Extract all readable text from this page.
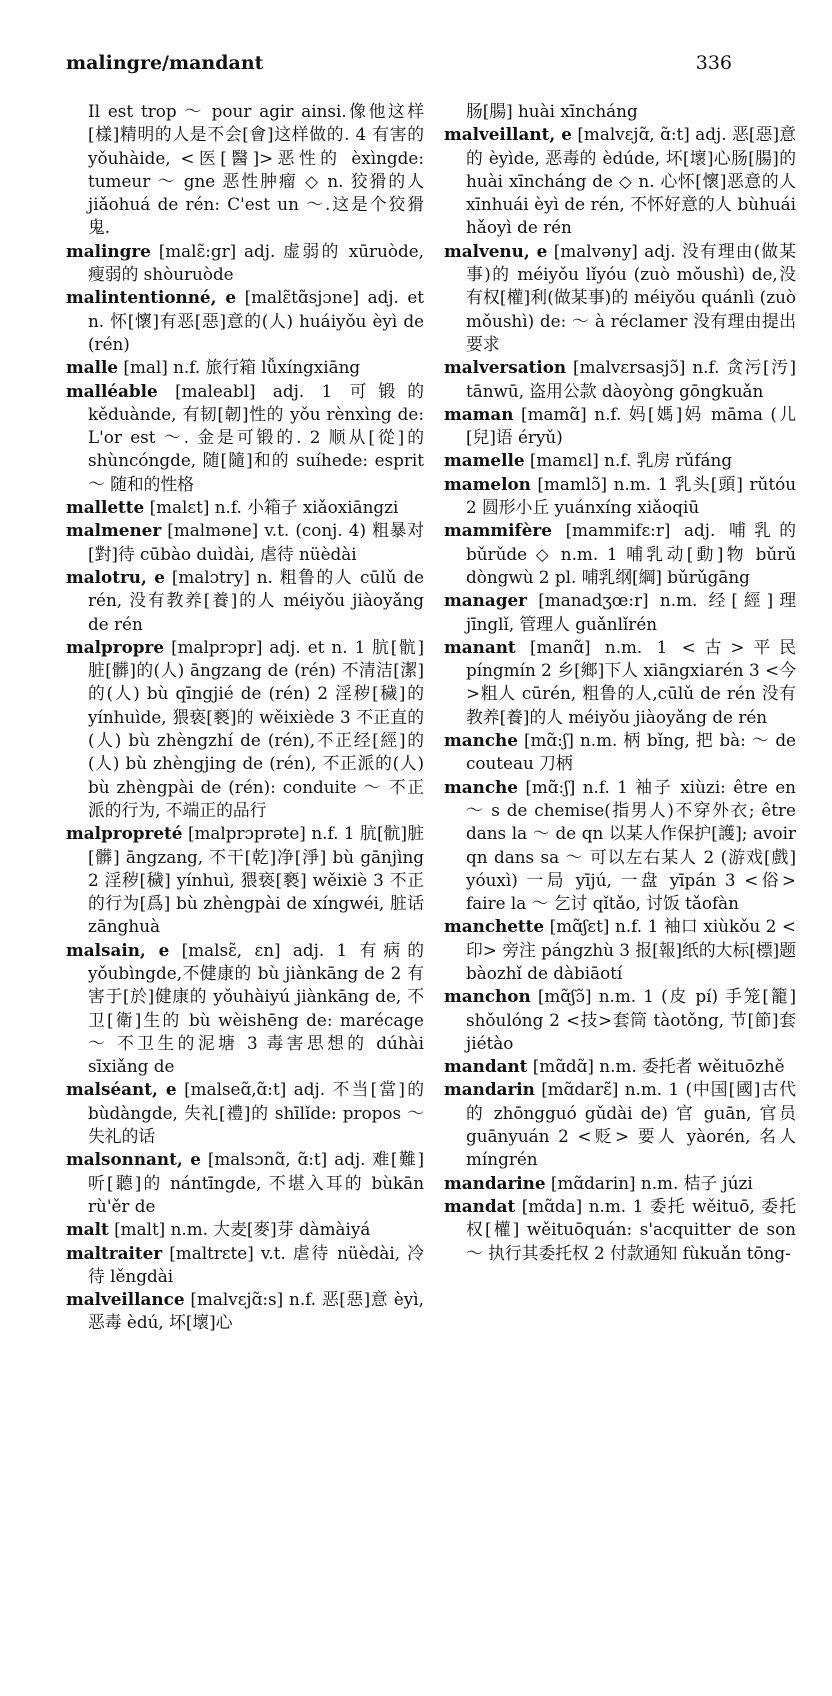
malingre/mandant	336

Il est trop ～ pour agir ainsi.像他这样[樣]精明的人是不会[會]这样做的. 4 有害的 yǒuhàide, <医[醫]>恶性的 èxìngde: tumeur ～ gne 恶性肿瘤 ◇ n. 狡猾的人 jiǎohuá de rén: C'est un ～.这是个狡猾鬼.

malingre [malɛ̃:gr] adj. 虚弱的 xūruòde, 瘦弱的 shòuruòde

malintentionné, e [malɛ̃tɑ̃sjɔne] adj. et n. 怀[懷]有恶[惡]意的(人) huáiyǒu èyì de (rén)

malle [mal] n.f. 旅行箱 lǚxíngxiāng

malléable [maleabl] adj. 1 可锻的 kěduànde, 有韧[韌]性的 yǒu rènxìng de: L'or est ～. 金是可锻的. 2 顺从[從]的 shùncóngde, 随[隨]和的 suíhede: esprit ～ 随和的性格

mallette [malɛt] n.f. 小箱子 xiǎoxiāngzi

malmener [malməne] v.t. (conj. 4) 粗暴对[對]待 cūbào duìdài, 虐待 nüèdài

malotru, e [malɔtry] n. 粗鲁的人 cūlǔ de rén, 没有教养[養]的人 méiyǒu jiàoyǎng de rén

malpropre [malprɔpr] adj. et n. 1 肮[骯]脏[髒]的(人) āngzang de (rén) 不清洁[潔]的(人) bù qīngjié de (rén) 2 淫秽[穢]的 yínhuìde, 猥亵[褻]的 wěixiède 3 不正直的(人) bù zhèngzhí de (rén),不正经[經]的(人) bù zhèngjing de (rén), 不正派的(人) bù zhèngpài de (rén): conduite ～ 不正派的行为, 不端正的品行

malpropreté [malprɔprəte] n.f. 1 肮[骯]脏[髒] āngzang, 不干[乾]净[淨] bù gānjìng 2 淫秽[穢] yínhuì, 猥亵[褻] wěixiè 3 不正的行为[爲] bù zhèngpài de xíngwéi, 脏话 zānghuà

malsain, e [malsɛ̃, ɛn] adj. 1 有病的 yǒubìngde,不健康的 bù jiànkāng de 2 有害于[於]健康的 yǒuhàiyú jiànkāng de, 不卫[衛]生的 bù wèishēng de: marécage ～ 不卫生的泥塘 3 毒害思想的 dúhài sīxiǎng de

malséant, e [malseɑ̃,ɑ̃:t] adj. 不当[當]的 bùdàngde, 失礼[禮]的 shīlǐde: propos ～ 失礼的话

malsonnant, e [malsɔnɑ̃, ɑ̃:t] adj. 难[難]听[聽]的 nántīngde, 不堪入耳的 bùkān rù'ěr de

malt [malt] n.m. 大麦[麥]芽 dàmàiyá

maltraiter [maltrɛte] v.t. 虐待 nüèdài, 冷待 lěngdài

malveillance [malvɛjɑ̃:s] n.f. 恶[惡]意 èyì, 恶毒 èdú, 坏[壞]心

肠[腸] huài xīncháng

malveillant, e [malvɛjɑ̃, ɑ̃:t] adj. 恶[惡]意的 èyìde, 恶毒的 èdúde, 坏[壞]心肠[腸]的 huài xīncháng de ◇ n. 心怀[懷]恶意的人 xīnhuái èyì de rén, 不怀好意的人 bùhuái hǎoyì de rén

malvenu, e [malvəny] adj. 没有理由(做某事)的 méiyǒu lǐyóu (zuò mǒushì) de,没有权[權]利(做某事)的 méiyǒu quánlì (zuò mǒushì) de: ～ à réclamer 没有理由提出要求

malversation [malvɛrsasjɔ̃] n.f. 贪污[汚] tānwū, 盗用公款 dàoyòng gōngkuǎn

maman [mamɑ̃] n.f. 妈[媽]妈 māma (儿[兒]语 éryǔ)

mamelle [mamɛl] n.f. 乳房 rǔfáng

mamelon [mamlɔ̃] n.m. 1 乳头[頭] rǔtóu 2 圆形小丘 yuánxíng xiǎoqiū

mammifère [mammifɛ:r] adj. 哺乳的 bǔrǔde ◇ n.m. 1 哺乳动[動]物 bǔrǔ dòngwù 2 pl. 哺乳纲[綱] bǔrǔgāng

manager [manadʒœ:r] n.m. 经[經]理 jīnglǐ, 管理人 guǎnlǐrén

manant [manɑ̃] n.m. 1 <古>平民 píngmín 2 乡[鄉]下人 xiāngxiarén 3 <今>粗人 cūrén, 粗鲁的人,cūlǔ de rén 没有教养[養]的人 méiyǒu jiàoyǎng de rén

manche [mɑ̃:ʃ] n.m. 柄 bǐng, 把 bà: ～ de couteau 刀柄

manche [mɑ̃:ʃ] n.f. 1 袖子 xiùzi: être en ～ s de chemise(指男人)不穿外衣; être dans la ～ de qn 以某人作保护[護]; avoir qn dans sa ～ 可以左右某人 2 (游戏[戲] yóuxì) 一局 yījú, 一盘 yīpán 3 <俗> faire la ～ 乞讨 qǐtǎo, 讨饭 tǎofàn

manchette [mɑ̃ʃɛt] n.f. 1 袖口 xiùkǒu 2 <印> 旁注 pángzhù 3 报[報]纸的大标[標]题 bàozhǐ de dàbiāotí

manchon [mɑ̃ʃɔ̃] n.m. 1 (皮 pí) 手笼[籠] shǒulóng 2 <技>套筒 tàotǒng, 节[節]套 jiétào

mandant [mɑ̃dɑ̃] n.m. 委托者 wěituōzhě

mandarin [mɑ̃darɛ̃] n.m. 1 (中国[國]古代的 zhōngguó gǔdài de) 官 guān, 官员 guānyuán 2 <贬> 要人 yàorén, 名人 míngrén

mandarine [mɑ̃darin] n.m. 桔子 júzi

mandat [mɑ̃da] n.m. 1 委托 wěituō, 委托权[權] wěituōquán: s'acquitter de son ～ 执行其委托权 2 付款通知 fùkuǎn tōng-
